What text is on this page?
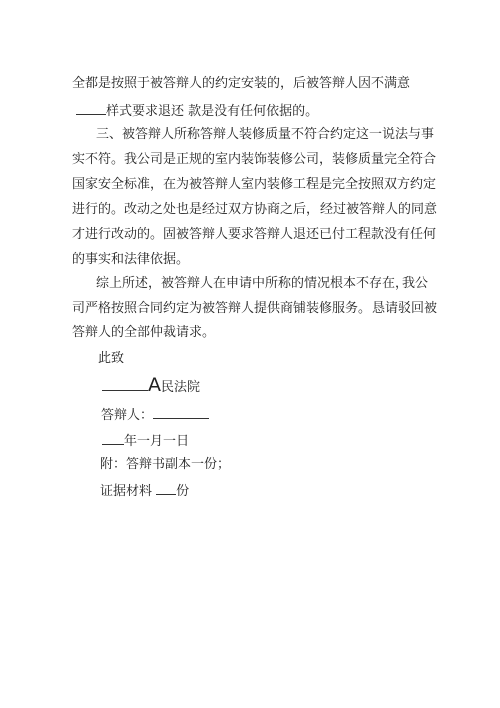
全都是按照于被答辩人的约定安装的，后被答辩人因不满意
样式要求退还 款是没有任何依据的。
三、被答辩人所称答辩人装修质量不符合约定这一说法与事
实不符。我公司是正规的室内装饰装修公司， 装修质量完全符合
国家安全标准，在为被答辩人室内装修工程是完全按照双方约定
进行的。改动之处也是经过双方协商之后， 经过被答辩人的同意
才进行改动的。固被答辩人要求答辩人退还已付工程款没有任何
的事实和法律依据。
综上所述，被答辩人在申请中所称的情况根本不存在，
我公
司严格按照合同约定为被答辩人提供商铺装修服务。 恳请驳回被
答辩人的全部仲裁请求。
此致
A民法院
答辩人：
年一月一日
附：答辩书副本一份；
证据材料 份
